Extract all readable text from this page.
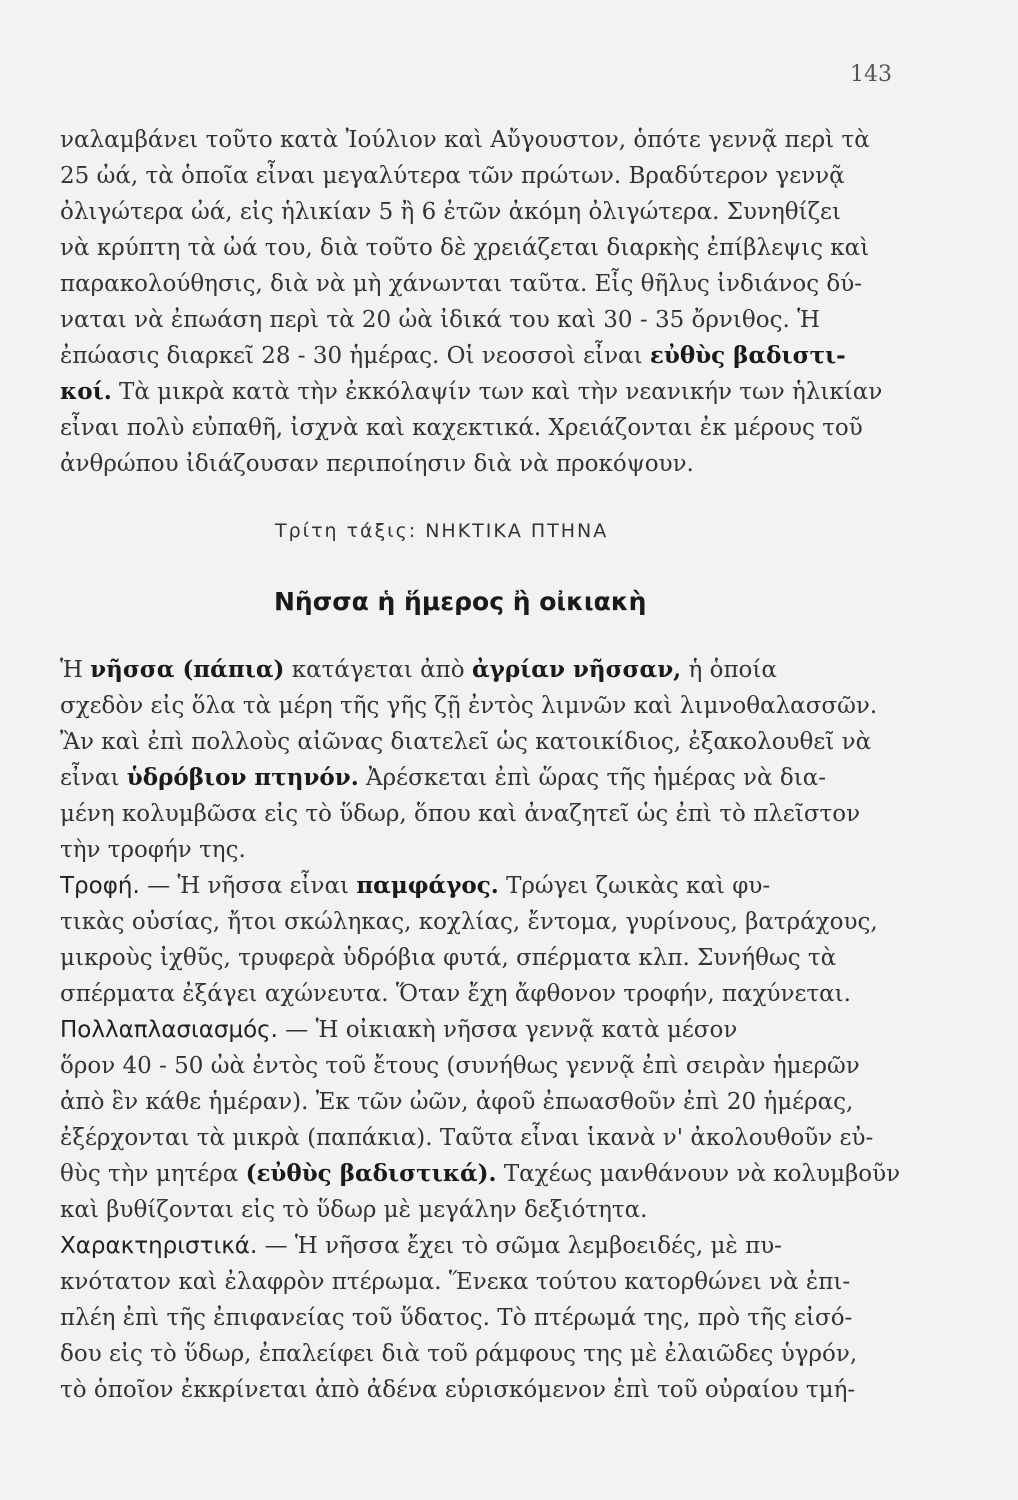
143
ναλαμβάνει τοῦτο κατὰ Ἰούλιον καὶ Αὔγουστον, ὁπότε γεννᾷ περὶ τὰ
25 ὠά, τὰ ὁποῖα εἶναι μεγαλύτερα τῶν πρώτων. Βραδύτερον γεννᾷ
ὀλιγώτερα ὠά, εἰς ἡλικίαν 5 ἢ 6 ἐτῶν ἀκόμη ὀλιγώτερα. Συνηθίζει
νὰ κρύπτη τὰ ὠά του, διὰ τοῦτο δὲ χρειάζεται διαρκὴς ἐπίβλεψις καὶ
παρακολούθησις, διὰ νὰ μὴ χάνωνται ταῦτα. Εἷς θῆλυς ἰνδιάνος δύ-
ναται νὰ ἐπωάση περὶ τὰ 20 ὠὰ ἰδικά του καὶ 30 - 35 ὄρνιθος. Ἡ
ἐπώασις διαρκεῖ 28 - 30 ἡμέρας. Οἱ νεοσσοὶ εἶναι εὐθὺς βαδιστι-
κοί. Τὰ μικρὰ κατὰ τὴν ἐκκόλαψίν των καὶ τὴν νεανικήν των ἡλικίαν
εἶναι πολὺ εὐπαθῆ, ἰσχνὰ καὶ καχεκτικά. Χρειάζονται ἐκ μέρους τοῦ
ἀνθρώπου ἰδιάζουσαν περιποίησιν διὰ νὰ προκόψουν.
Τρίτη τάξις: ΝΗΚΤΙΚΑ ΠΤΗΝΑ
Νῆσσα ἡ ἥμερος ἢ οἰκιακὴ
Ἡ νῆσσα (πάπια) κατάγεται ἀπὸ ἀγρίαν νῆσσαν, ἡ ὁποία
σχεδὸν εἰς ὅλα τὰ μέρη τῆς γῆς ζῇ ἐντὸς λιμνῶν καὶ λιμνοθαλασσῶν.
Ἂν καὶ ἐπὶ πολλοὺς αἰῶνας διατελεῖ ὡς κατοικίδιος, ἐξακολουθεῖ νὰ
εἶναι ὑδρόβιον πτηνόν. Ἀρέσκεται ἐπὶ ὥρας τῆς ἡμέρας νὰ δια-
μένη κολυμβῶσα εἰς τὸ ὕδωρ, ὅπου καὶ ἀναζητεῖ ὡς ἐπὶ τὸ πλεῖστον
τὴν τροφήν της.
Τροφή. — Ἡ νῆσσα εἶναι παμφάγος. Τρώγει ζωικὰς καὶ φυ-
τικὰς οὐσίας, ἤτοι σκώληκας, κοχλίας, ἔντομα, γυρίνους, βατράχους,
μικροὺς ἰχθῦς, τρυφερὰ ὑδρόβια φυτά, σπέρματα κλπ. Συνήθως τὰ
σπέρματα ἐξάγει αχώνευτα. Ὅταν ἔχη ἄφθονον τροφήν, παχύνεται.
Πολλαπλασιασμός. — Ἡ οἰκιακὴ νῆσσα γεννᾷ κατὰ μέσον
ὅρον 40 - 50 ὠὰ ἐντὸς τοῦ ἔτους (συνήθως γεννᾷ ἐπὶ σειρὰν ἡμερῶν
ἀπὸ ἓν κάθε ἡμέραν). Ἐκ τῶν ὠῶν, ἀφοῦ ἐπωασθοῦν ἐπὶ 20 ἡμέρας,
ἐξέρχονται τὰ μικρὰ (παπάκια). Ταῦτα εἶναι ἱκανὰ ν' ἀκολουθοῦν εὐ-
θὺς τὴν μητέρα (εὐθὺς βαδιστικά). Ταχέως μανθάνουν νὰ κολυμβοῦν
καὶ βυθίζονται εἰς τὸ ὕδωρ μὲ μεγάλην δεξιότητα.
Χαρακτηριστικά. — Ἡ νῆσσα ἔχει τὸ σῶμα λεμβοειδές, μὲ πυ-
κνότατον καὶ ἐλαφρὸν πτέρωμα. Ἕνεκα τούτου κατορθώνει νὰ ἐπι-
πλέη ἐπὶ τῆς ἐπιφανείας τοῦ ὕδατος. Τὸ πτέρωμά της, πρὸ τῆς εἰσό-
δου εἰς τὸ ὕδωρ, ἐπαλείφει διὰ τοῦ ράμφους της μὲ ἐλαιῶδες ὑγρόν,
τὸ ὁποῖον ἐκκρίνεται ἀπὸ ἀδένα εὑρισκόμενον ἐπὶ τοῦ οὐραίου τμή-
